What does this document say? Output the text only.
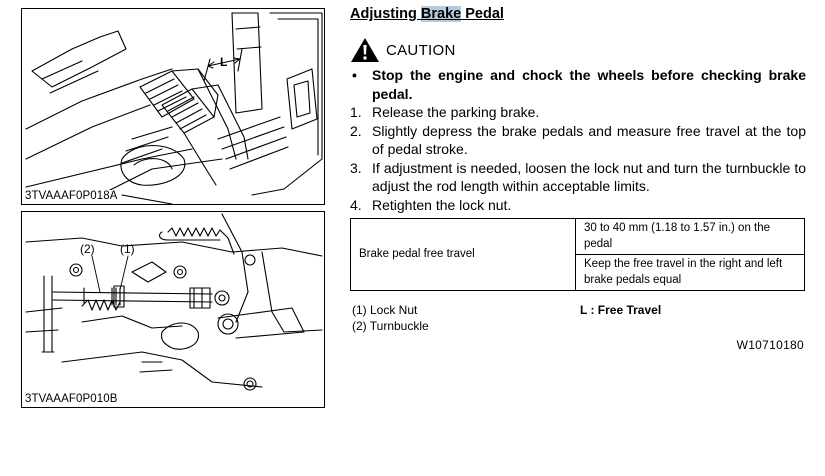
L
3TVAAAF0P018A
(2) (1)
3TVAAAF0P010B
Adjusting Brake Pedal
CAUTION
•	Stop the engine and chock the wheels before checking brake pedal.
1. Release the parking brake.
2. Slightly depress the brake pedals and measure free travel at the top of pedal stroke.
3. If adjustment is needed, loosen the lock nut and turn the turnbuckle to adjust the rod length within acceptable limits.
4. Retighten the lock nut.
Brake pedal free travel	30 to 40 mm (1.18 to 1.57 in.) on the pedal
Keep the free travel in the right and left brake pedals equal
(1) Lock Nut
(2) Turnbuckle
L : Free Travel
W10710180
